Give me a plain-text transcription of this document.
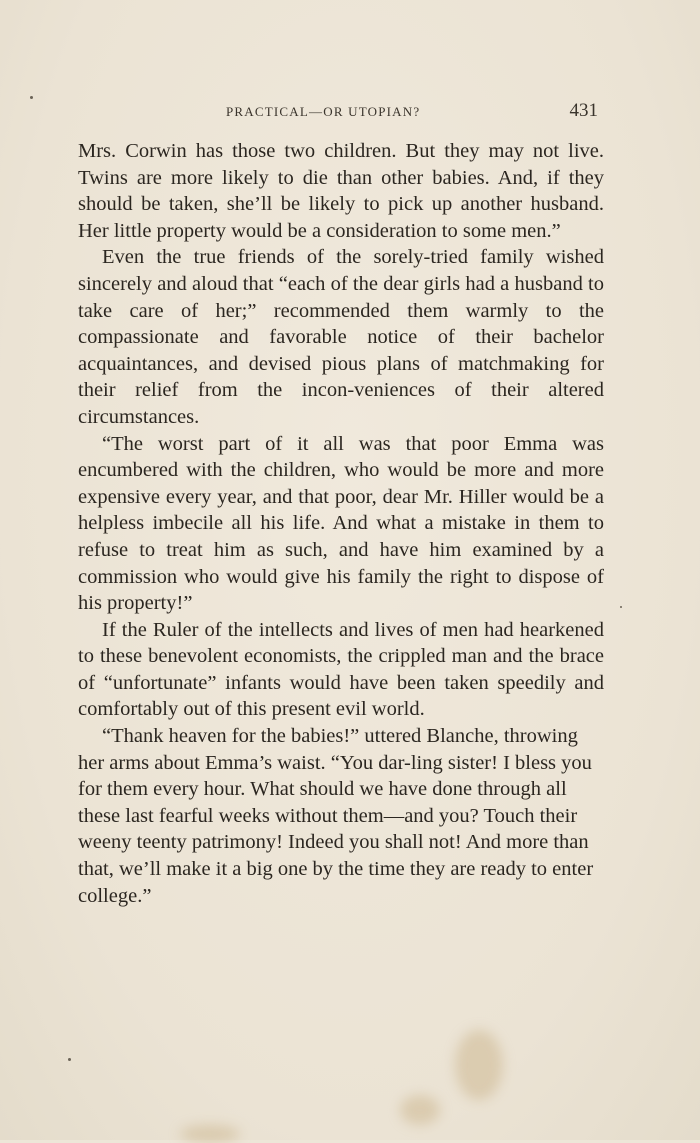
PRACTICAL—OR UTOPIAN?	431

Mrs. Corwin has those two children. But they may not live. Twins are more likely to die than other babies. And, if they should be taken, she’ll be likely to pick up another husband. Her little property would be a consideration to some men.”

Even the true friends of the sorely-tried family wished sincerely and aloud that “each of the dear girls had a husband to take care of her;” recommended them warmly to the compassionate and favorable notice of their bachelor acquaintances, and devised pious plans of matchmaking for their relief from the incon-veniences of their altered circumstances.

“The worst part of it all was that poor Emma was encumbered with the children, who would be more and more expensive every year, and that poor, dear Mr. Hiller would be a helpless imbecile all his life. And what a mistake in them to refuse to treat him as such, and have him examined by a commission who would give his family the right to dispose of his property!”

If the Ruler of the intellects and lives of men had hearkened to these benevolent economists, the crippled man and the brace of “unfortunate” infants would have been taken speedily and comfortably out of this present evil world.

“Thank heaven for the babies!” uttered Blanche, throwing her arms about Emma’s waist. “You dar-ling sister! I bless you for them every hour. What should we have done through all these last fearful weeks without them—and you? Touch their weeny teenty patrimony! Indeed you shall not! And more than that, we’ll make it a big one by the time they are ready to enter college.”
